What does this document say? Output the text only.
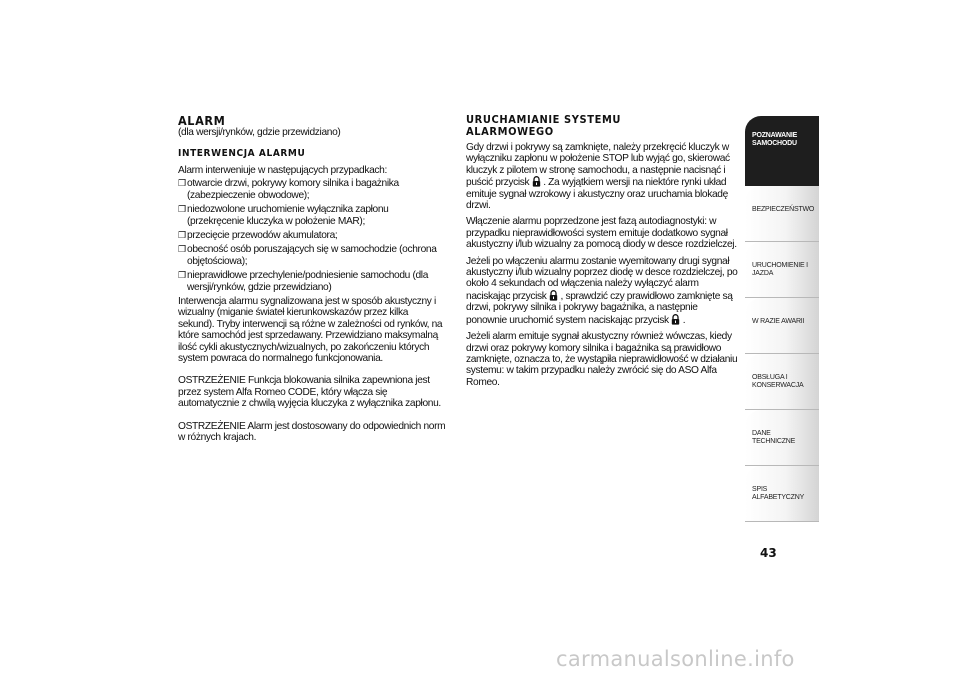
ALARM
(dla wersji/rynków, gdzie przewidziano)
INTERWENCJA ALARMU
Alarm interweniuje w następujących przypadkach:
❒ otwarcie drzwi, pokrywy komory silnika i bagażnika (zabezpieczenie obwodowe);
❒ niedozwolone uruchomienie wyłącznika zapłonu (przekręcenie kluczyka w położenie MAR);
❒ przecięcie przewodów akumulatora;
❒ obecność osób poruszających się w samochodzie (ochrona objętościowa);
❒ nieprawidłowe przechylenie/podniesienie samochodu (dla wersji/rynków, gdzie przewidziano)

Interwencja alarmu sygnalizowana jest w sposób akustyczny i wizualny (miganie świateł kierunkowskazów przez kilka sekund). Tryby interwencji są różne w zależności od rynków, na które samochód jest sprzedawany. Przewidziano maksymalną ilość cykli akustycznych/wizualnych, po zakończeniu których system powraca do normalnego funkcjonowania.

OSTRZEŻENIE Funkcja blokowania silnika zapewniona jest przez system Alfa Romeo CODE, który włącza się automatycznie z chwilą wyjęcia kluczyka z wyłącznika zapłonu.

OSTRZEŻENIE Alarm jest dostosowany do odpowiednich norm w różnych krajach.

URUCHAMIANIE SYSTEMU
ALARMOWEGO

Gdy drzwi i pokrywy są zamknięte, należy przekręcić kluczyk w wyłączniku zapłonu w położenie STOP lub wyjąć go, skierować kluczyk z pilotem w stronę samochodu, a następnie nacisnąć i puścić przycisk . Za wyjątkiem wersji na niektóre rynki układ emituje sygnał wzrokowy i akustyczny oraz uruchamia blokadę drzwi.

Włączenie alarmu poprzedzone jest fazą autodiagnostyki: w przypadku nieprawidłowości system emituje dodatkowo sygnał akustyczny i/lub wizualny za pomocą diody w desce rozdzielczej.

Jeżeli po włączeniu alarmu zostanie wyemitowany drugi sygnał akustyczny i/lub wizualny poprzez diodę w desce rozdzielczej, po około 4 sekundach od włączenia należy wyłączyć alarm naciskając przycisk , sprawdzić czy prawidłowo zamknięte są drzwi, pokrywy silnika i pokrywy bagażnika, a następnie ponownie uruchomić system naciskając przycisk .

Jeżeli alarm emituje sygnał akustyczny również wówczas, kiedy drzwi oraz pokrywy komory silnika i bagażnika są prawidłowo zamknięte, oznacza to, że wystąpiła nieprawidłowość w działaniu systemu: w takim przypadku należy zwrócić się do ASO Alfa Romeo.

POZNAWANIE SAMOCHODU
BEZPIECZEŃSTWO
URUCHOMIENIE I JAZDA
W RAZIE AWARII
OBSŁUGA I KONSERWACJA
DANE TECHNICZNE
SPIS ALFABETYCZNY
43
carmanualsonline.info
